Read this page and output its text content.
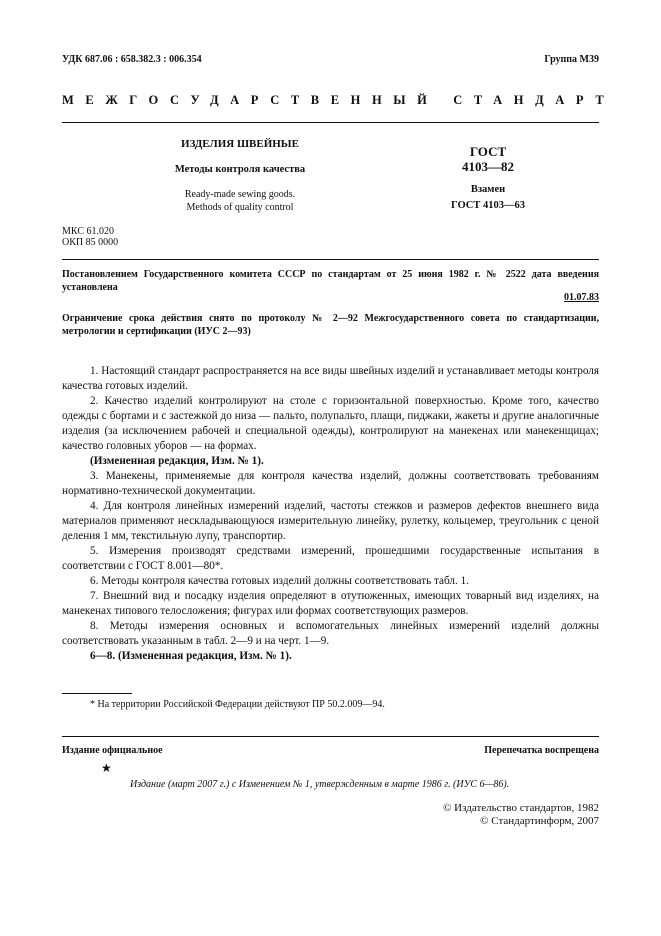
УДК 687.06 : 658.382.3 : 006.354	Группа М39
МЕЖГОСУДАРСТВЕННЫЙ СТАНДАРТ
ИЗДЕЛИЯ ШВЕЙНЫЕ
Методы контроля качества
Ready-made sewing goods.
Methods of quality control
ГОСТ
4103—82
Взамен
ГОСТ 4103—63
МКС 61.020
ОКП 85 0000
Постановлением Государственного комитета СССР по стандартам от 25 июня 1982 г. № 2522 дата введения установлена
01.07.83
Ограничение срока действия снято по протоколу № 2—92 Межгосударственного совета по стандартизации, метрологии и сертификации (ИУС 2—93)
1. Настоящий стандарт распространяется на все виды швейных изделий и устанавливает методы контроля качества готовых изделий.
2. Качество изделий контролируют на столе с горизонтальной поверхностью. Кроме того, качество одежды с бортами и с застежкой до низа — пальто, полупальто, плащи, пиджаки, жакеты и другие аналогичные изделия (за исключением рабочей и специальной одежды), контролируют на манекенах или манекенщицах; качество головных уборов — на формах.
(Измененная редакция, Изм. № 1).
3. Манекены, применяемые для контроля качества изделий, должны соответствовать требованиям нормативно-технической документации.
4. Для контроля линейных измерений изделий, частоты стежков и размеров дефектов внешнего вида материалов применяют нескладывающуюся измерительную линейку, рулетку, кольцемер, треугольник с ценой деления 1 мм, текстильную лупу, транспортир.
5. Измерения производят средствами измерений, прошедшими государственные испытания в соответствии с ГОСТ 8.001—80*.
6. Методы контроля качества готовых изделий должны соответствовать табл. 1.
7. Внешний вид и посадку изделия определяют в отутюженных, имеющих товарный вид изделиях, на манекенах типового телосложения; фигурах или формах соответствующих размеров.
8. Методы измерения основных и вспомогательных линейных измерений изделий должны соответствовать указанным в табл. 2—9 и на черт. 1—9.
6—8. (Измененная редакция, Изм. № 1).
* На территории Российской Федерации действуют ПР 50.2.009—94.
Издание официальное	Перепечатка воспрещена
★
Издание (март 2007 г.) с Изменением № 1, утвержденным в марте 1986 г. (ИУС 6—86).
© Издательство стандартов, 1982
© Стандартинформ, 2007
